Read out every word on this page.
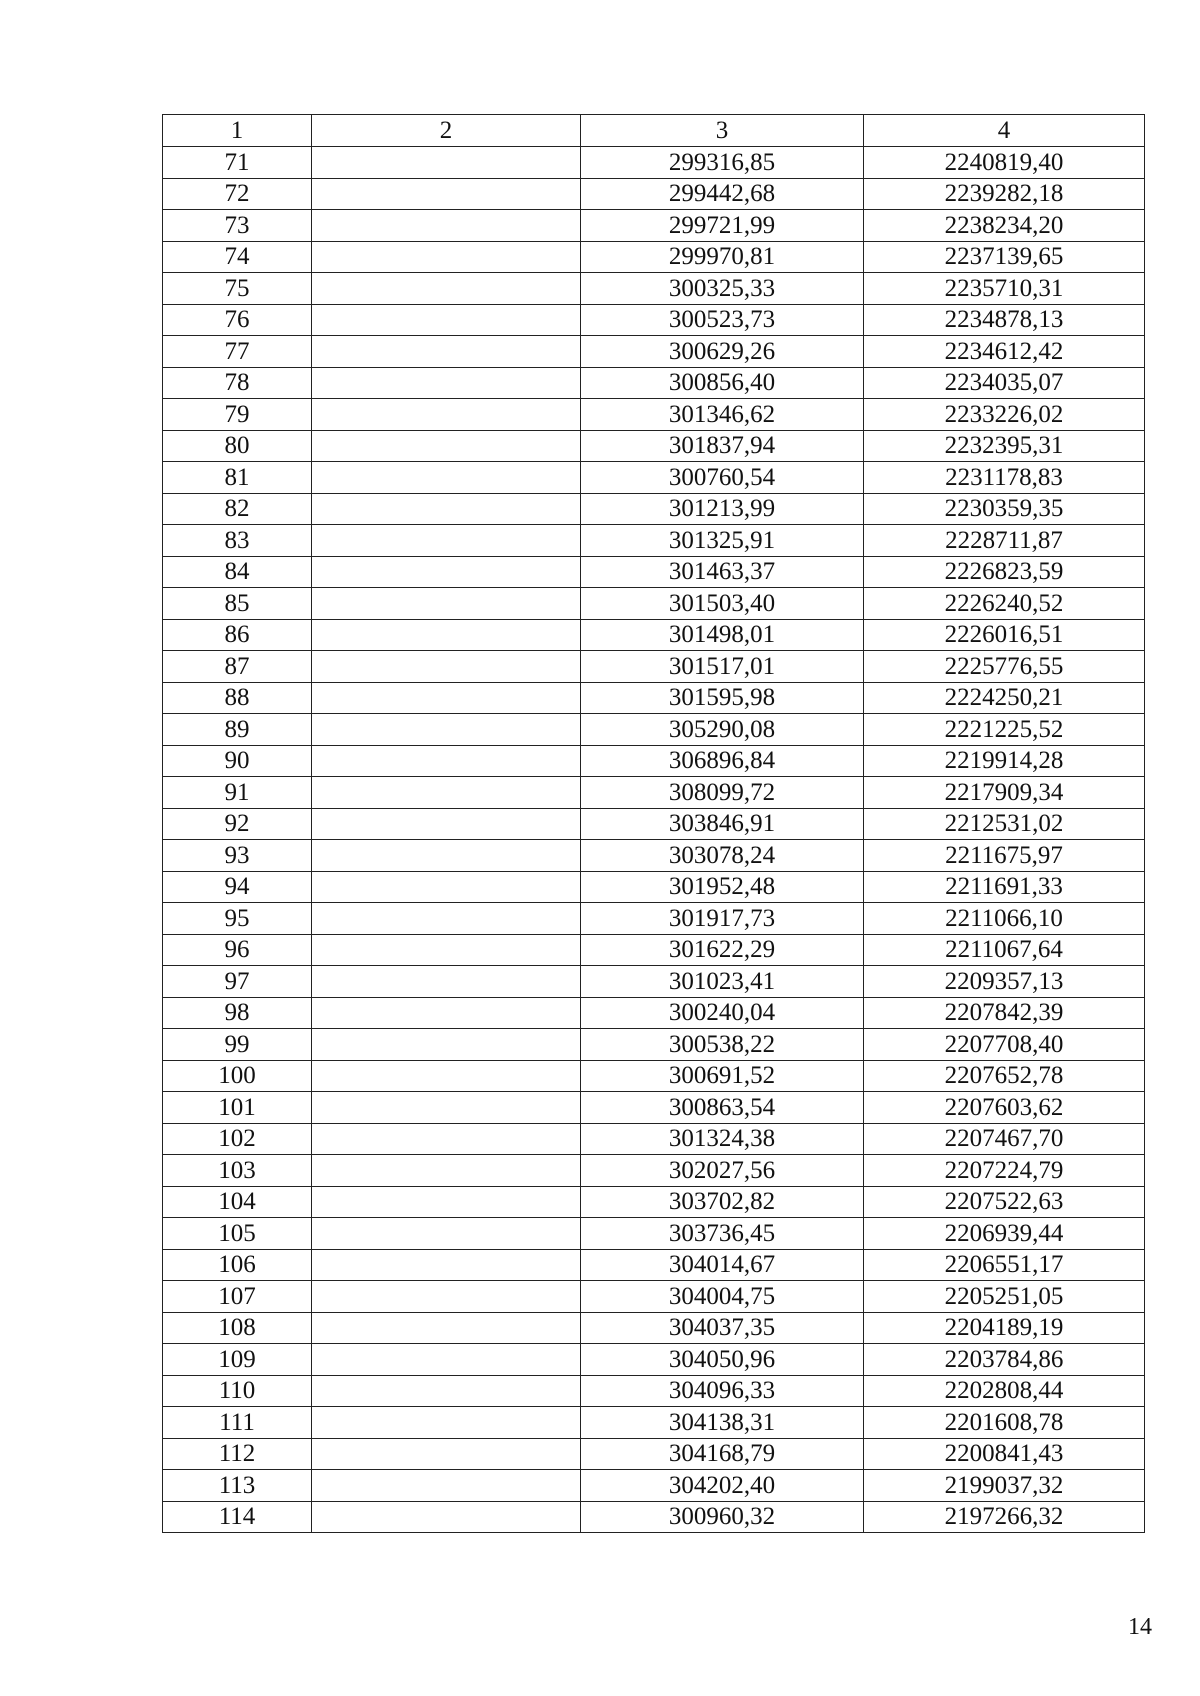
1	2	3	4
71		299316,85	2240819,40
72		299442,68	2239282,18
73		299721,99	2238234,20
74		299970,81	2237139,65
75		300325,33	2235710,31
76		300523,73	2234878,13
77		300629,26	2234612,42
78		300856,40	2234035,07
79		301346,62	2233226,02
80		301837,94	2232395,31
81		300760,54	2231178,83
82		301213,99	2230359,35
83		301325,91	2228711,87
84		301463,37	2226823,59
85		301503,40	2226240,52
86		301498,01	2226016,51
87		301517,01	2225776,55
88		301595,98	2224250,21
89		305290,08	2221225,52
90		306896,84	2219914,28
91		308099,72	2217909,34
92		303846,91	2212531,02
93		303078,24	2211675,97
94		301952,48	2211691,33
95		301917,73	2211066,10
96		301622,29	2211067,64
97		301023,41	2209357,13
98		300240,04	2207842,39
99		300538,22	2207708,40
100		300691,52	2207652,78
101		300863,54	2207603,62
102		301324,38	2207467,70
103		302027,56	2207224,79
104		303702,82	2207522,63
105		303736,45	2206939,44
106		304014,67	2206551,17
107		304004,75	2205251,05
108		304037,35	2204189,19
109		304050,96	2203784,86
110		304096,33	2202808,44
111		304138,31	2201608,78
112		304168,79	2200841,43
113		304202,40	2199037,32
114		300960,32	2197266,32
14
